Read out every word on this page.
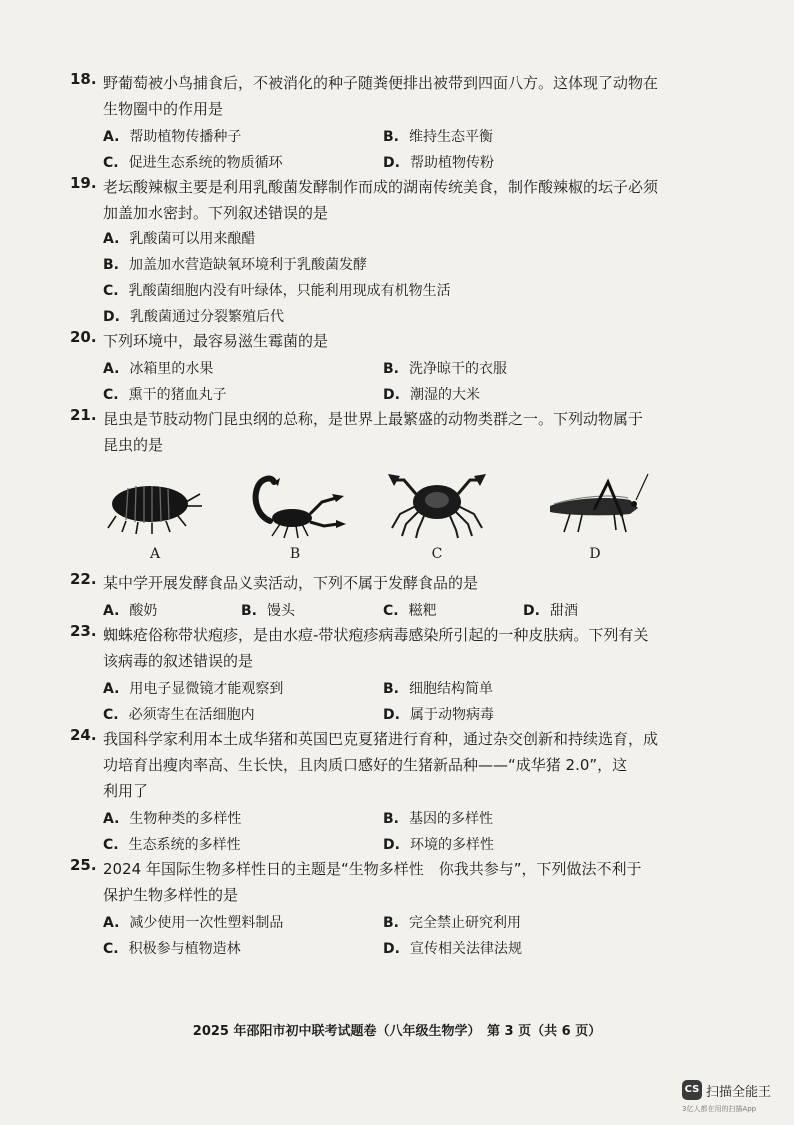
18. 野葡萄被小鸟捕食后，不被消化的种子随粪便排出被带到四面八方。这体现了动物在
生物圈中的作用是
A. 帮助植物传播种子	B. 维持生态平衡
C. 促进生态系统的物质循环	D. 帮助植物传粉
19. 老坛酸辣椒主要是利用乳酸菌发酵制作而成的湖南传统美食，制作酸辣椒的坛子必须
加盖加水密封。下列叙述错误的是
A. 乳酸菌可以用来酿醋
B. 加盖加水营造缺氧环境利于乳酸菌发酵
C. 乳酸菌细胞内没有叶绿体，只能利用现成有机物生活
D. 乳酸菌通过分裂繁殖后代
20. 下列环境中，最容易滋生霉菌的是
A. 冰箱里的水果	B. 洗净晾干的衣服
C. 熏干的猪血丸子	D. 潮湿的大米
21. 昆虫是节肢动物门昆虫纲的总称，是世界上最繁盛的动物类群之一。下列动物属于
昆虫的是
A	B	C	D
22. 某中学开展发酵食品义卖活动，下列不属于发酵食品的是
A. 酸奶	B. 馒头	C. 糍粑	D. 甜酒
23. 蜘蛛疮俗称带状疱疹，是由水痘-带状疱疹病毒感染所引起的一种皮肤病。下列有关
该病毒的叙述错误的是
A. 用电子显微镜才能观察到	B. 细胞结构简单
C. 必须寄生在活细胞内	D. 属于动物病毒
24. 我国科学家利用本土成华猪和英国巴克夏猪进行育种，通过杂交创新和持续选育，成
功培育出瘦肉率高、生长快，且肉质口感好的生猪新品种——“成华猪 2.0”，这
利用了
A. 生物种类的多样性	B. 基因的多样性
C. 生态系统的多样性	D. 环境的多样性
25. 2024 年国际生物多样性日的主题是“生物多样性　你我共参与”，下列做法不利于
保护生物多样性的是
A. 减少使用一次性塑料制品	B. 完全禁止研究利用
C. 积极参与植物造林	D. 宣传相关法律法规
2025 年邵阳市初中联考试题卷（八年级生物学）　第 3 页（共 6 页）
CS 扫描全能王
3亿人都在用的扫描App
